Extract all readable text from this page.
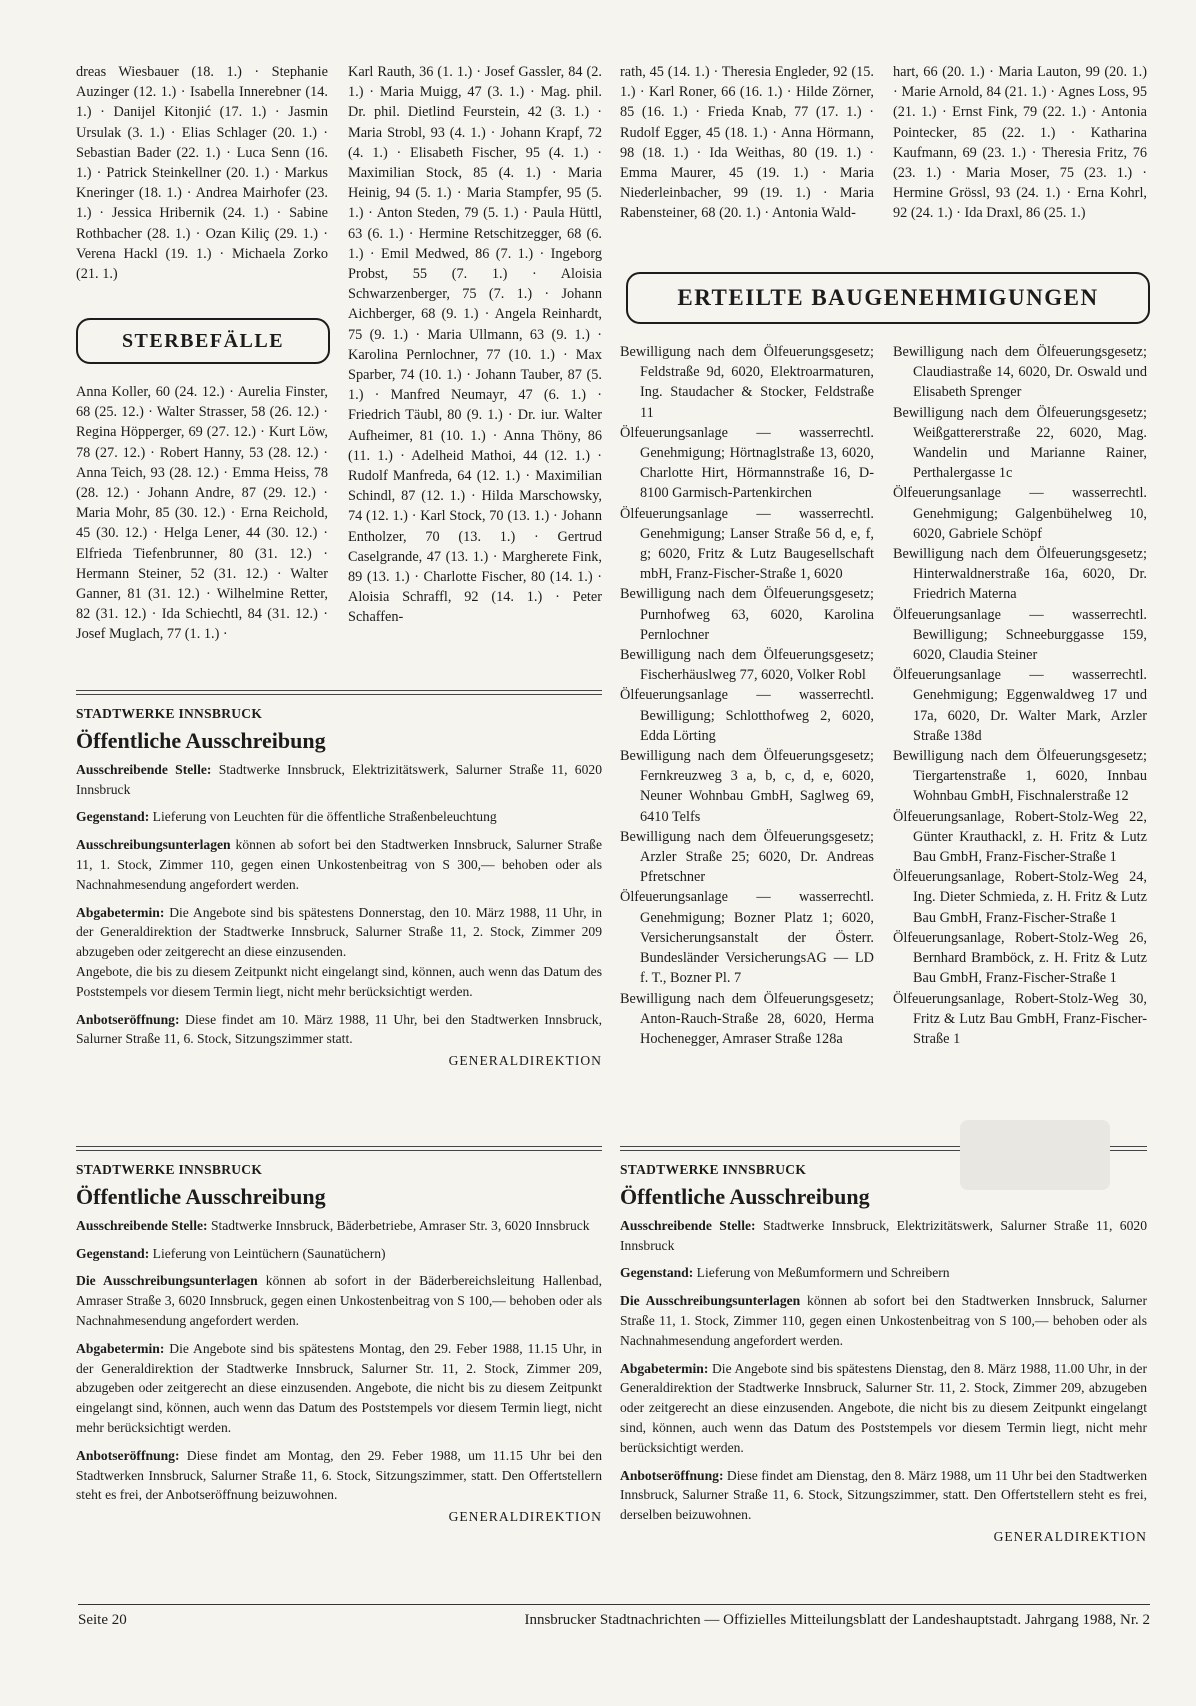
dreas Wiesbauer (18. 1.) · Stephanie Auzinger (12. 1.) · Isabella Innerebner (14. 1.) · Danijel Kitonjić (17. 1.) · Jasmin Ursulak (3. 1.) · Elias Schlager (20. 1.) · Sebastian Bader (22. 1.) · Luca Senn (16. 1.) · Patrick Steinkellner (20. 1.) · Markus Kneringer (18. 1.) · Andrea Mairhofer (23. 1.) · Jessica Hribernik (24. 1.) · Sabine Rothbacher (28. 1.) · Ozan Kiliç (29. 1.) · Verena Hackl (19. 1.) · Michaela Zorko (21. 1.)

STERBEFÄLLE

Anna Koller, 60 (24. 12.) · Aurelia Finster, 68 (25. 12.) · Walter Strasser, 58 (26. 12.) · Regina Höpperger, 69 (27. 12.) · Kurt Löw, 78 (27. 12.) · Robert Hanny, 53 (28. 12.) · Anna Teich, 93 (28. 12.) · Emma Heiss, 78 (28. 12.) · Johann Andre, 87 (29. 12.) · Maria Mohr, 85 (30. 12.) · Erna Reichold, 45 (30. 12.) · Helga Lener, 44 (30. 12.) · Elfrieda Tiefenbrunner, 80 (31. 12.) · Hermann Steiner, 52 (31. 12.) · Walter Ganner, 81 (31. 12.) · Wilhelmine Retter, 82 (31. 12.) · Ida Schiechtl, 84 (31. 12.) · Josef Muglach, 77 (1. 1.) ·

Karl Rauth, 36 (1. 1.) · Josef Gassler, 84 (2. 1.) · Maria Muigg, 47 (3. 1.) · Mag. phil. Dr. phil. Dietlind Feurstein, 42 (3. 1.) · Maria Strobl, 93 (4. 1.) · Johann Krapf, 72 (4. 1.) · Elisabeth Fischer, 95 (4. 1.) · Maximilian Stock, 85 (4. 1.) · Maria Heinig, 94 (5. 1.) · Maria Stampfer, 95 (5. 1.) · Anton Steden, 79 (5. 1.) · Paula Hüttl, 63 (6. 1.) · Hermine Retschitzegger, 68 (6. 1.) · Emil Medwed, 86 (7. 1.) · Ingeborg Probst, 55 (7. 1.) · Aloisia Schwarzenberger, 75 (7. 1.) · Johann Aichberger, 68 (9. 1.) · Angela Reinhardt, 75 (9. 1.) · Maria Ullmann, 63 (9. 1.) · Karolina Pernlochner, 77 (10. 1.) · Max Sparber, 74 (10. 1.) · Johann Tauber, 87 (5. 1.) · Manfred Neumayr, 47 (6. 1.) · Friedrich Täubl, 80 (9. 1.) · Dr. iur. Walter Aufheimer, 81 (10. 1.) · Anna Thöny, 86 (11. 1.) · Adelheid Mathoi, 44 (12. 1.) · Rudolf Manfreda, 64 (12. 1.) · Maximilian Schindl, 87 (12. 1.) · Hilda Marschowsky, 74 (12. 1.) · Karl Stock, 70 (13. 1.) · Johann Entholzer, 70 (13. 1.) · Gertrud Caselgrande, 47 (13. 1.) · Margherete Fink, 89 (13. 1.) · Charlotte Fischer, 80 (14. 1.) · Aloisia Schraffl, 92 (14. 1.) · Peter Schaffen-

rath, 45 (14. 1.) · Theresia Engleder, 92 (15. 1.) · Karl Roner, 66 (16. 1.) · Hilde Zörner, 85 (16. 1.) · Frieda Knab, 77 (17. 1.) · Rudolf Egger, 45 (18. 1.) · Anna Hörmann, 98 (18. 1.) · Ida Weithas, 80 (19. 1.) · Emma Maurer, 45 (19. 1.) · Maria Niederleinbacher, 99 (19. 1.) · Maria Rabensteiner, 68 (20. 1.) · Antonia Wald-

hart, 66 (20. 1.) · Maria Lauton, 99 (20. 1.) · Marie Arnold, 84 (21. 1.) · Agnes Loss, 95 (21. 1.) · Ernst Fink, 79 (22. 1.) · Antonia Pointecker, 85 (22. 1.) · Katharina Kaufmann, 69 (23. 1.) · Theresia Fritz, 76 (23. 1.) · Maria Moser, 75 (23. 1.) · Hermine Grössl, 93 (24. 1.) · Erna Kohrl, 92 (24. 1.) · Ida Draxl, 86 (25. 1.)

ERTEILTE BAUGENEHMIGUNGEN

Bewilligung nach dem Ölfeuerungsgesetz; Feldstraße 9d, 6020, Elektroarmaturen, Ing. Staudacher & Stocker, Feldstraße 11

Ölfeuerungsanlage — wasserrechtl. Genehmigung; Hörtnaglstraße 13, 6020, Charlotte Hirt, Hörmannstraße 16, D-8100 Garmisch-Partenkirchen

Ölfeuerungsanlage — wasserrechtl. Genehmigung; Lanser Straße 56 d, e, f, g; 6020, Fritz & Lutz Baugesellschaft mbH, Franz-Fischer-Straße 1, 6020

Bewilligung nach dem Ölfeuerungsgesetz; Purnhofweg 63, 6020, Karolina Pernlochner

Bewilligung nach dem Ölfeuerungsgesetz; Fischerhäuslweg 77, 6020, Volker Robl

Ölfeuerungsanlage — wasserrechtl. Bewilligung; Schlotthofweg 2, 6020, Edda Lörting

Bewilligung nach dem Ölfeuerungsgesetz; Fernkreuzweg 3 a, b, c, d, e, 6020, Neuner Wohnbau GmbH, Saglweg 69, 6410 Telfs

Bewilligung nach dem Ölfeuerungsgesetz; Arzler Straße 25; 6020, Dr. Andreas Pfretschner

Ölfeuerungsanlage — wasserrechtl. Genehmigung; Bozner Platz 1; 6020, Versicherungsanstalt der Österr. Bundesländer VersicherungsAG — LD f. T., Bozner Pl. 7

Bewilligung nach dem Ölfeuerungsgesetz; Anton-Rauch-Straße 28, 6020, Herma Hochenegger, Amraser Straße 128a

Bewilligung nach dem Ölfeuerungsgesetz; Claudiastraße 14, 6020, Dr. Oswald und Elisabeth Sprenger

Bewilligung nach dem Ölfeuerungsgesetz; Weißgattererstraße 22, 6020, Mag. Wandelin und Marianne Rainer, Perthalergasse 1c

Ölfeuerungsanlage — wasserrechtl. Genehmigung; Galgenbühelweg 10, 6020, Gabriele Schöpf

Bewilligung nach dem Ölfeuerungsgesetz; Hinterwaldnerstraße 16a, 6020, Dr. Friedrich Materna

Ölfeuerungsanlage — wasserrechtl. Bewilligung; Schneeburggasse 159, 6020, Claudia Steiner

Ölfeuerungsanlage — wasserrechtl. Genehmigung; Eggenwaldweg 17 und 17a, 6020, Dr. Walter Mark, Arzler Straße 138d

Bewilligung nach dem Ölfeuerungsgesetz; Tiergartenstraße 1, 6020, Innbau Wohnbau GmbH, Fischnalerstraße 12

Ölfeuerungsanlage, Robert-Stolz-Weg 22, Günter Krauthackl, z. H. Fritz & Lutz Bau GmbH, Franz-Fischer-Straße 1

Ölfeuerungsanlage, Robert-Stolz-Weg 24, Ing. Dieter Schmieda, z. H. Fritz & Lutz Bau GmbH, Franz-Fischer-Straße 1

Ölfeuerungsanlage, Robert-Stolz-Weg 26, Bernhard Bramböck, z. H. Fritz & Lutz Bau GmbH, Franz-Fischer-Straße 1

Ölfeuerungsanlage, Robert-Stolz-Weg 30, Fritz & Lutz Bau GmbH, Franz-Fischer-Straße 1

STADTWERKE INNSBRUCK
Öffentliche Ausschreibung

Ausschreibende Stelle: Stadtwerke Innsbruck, Elektrizitätswerk, Salurner Straße 11, 6020 Innsbruck

Gegenstand: Lieferung von Leuchten für die öffentliche Straßenbeleuchtung

Ausschreibungsunterlagen können ab sofort bei den Stadtwerken Innsbruck, Salurner Straße 11, 1. Stock, Zimmer 110, gegen einen Unkostenbeitrag von S 300,— behoben oder als Nachnahmesendung angefordert werden.

Abgabetermin: Die Angebote sind bis spätestens Donnerstag, den 10. März 1988, 11 Uhr, in der Generaldirektion der Stadtwerke Innsbruck, Salurner Straße 11, 2. Stock, Zimmer 209 abzugeben oder zeitgerecht an diese einzusenden.

Angebote, die bis zu diesem Zeitpunkt nicht eingelangt sind, können, auch wenn das Datum des Poststempels vor diesem Termin liegt, nicht mehr berücksichtigt werden.

Anbotseröffnung: Diese findet am 10. März 1988, 11 Uhr, bei den Stadtwerken Innsbruck, Salurner Straße 11, 6. Stock, Sitzungszimmer statt.

GENERALDIREKTION
STADTWERKE INNSBRUCK
Öffentliche Ausschreibung

Ausschreibende Stelle: Stadtwerke Innsbruck, Bäderbetriebe, Amraser Str. 3, 6020 Innsbruck

Gegenstand: Lieferung von Leintüchern (Saunatüchern)

Die Ausschreibungsunterlagen können ab sofort in der Bäderbereichsleitung Hallenbad, Amraser Straße 3, 6020 Innsbruck, gegen einen Unkostenbeitrag von S 100,— behoben oder als Nachnahmesendung angefordert werden.

Abgabetermin: Die Angebote sind bis spätestens Montag, den 29. Feber 1988, 11.15 Uhr, in der Generaldirektion der Stadtwerke Innsbruck, Salurner Str. 11, 2. Stock, Zimmer 209, abzugeben oder zeitgerecht an diese einzusenden. Angebote, die nicht bis zu diesem Zeitpunkt eingelangt sind, können, auch wenn das Datum des Poststempels vor diesem Termin liegt, nicht mehr berücksichtigt werden.

Anbotseröffnung: Diese findet am Montag, den 29. Feber 1988, um 11.15 Uhr bei den Stadtwerken Innsbruck, Salurner Straße 11, 6. Stock, Sitzungszimmer, statt. Den Offertstellern steht es frei, der Anbotseröffnung beizuwohnen.

GENERALDIREKTION
STADTWERKE INNSBRUCK
Öffentliche Ausschreibung

Ausschreibende Stelle: Stadtwerke Innsbruck, Elektrizitätswerk, Salurner Straße 11, 6020 Innsbruck

Gegenstand: Lieferung von Meßumformern und Schreibern

Die Ausschreibungsunterlagen können ab sofort bei den Stadtwerken Innsbruck, Salurner Straße 11, 1. Stock, Zimmer 110, gegen einen Unkostenbeitrag von S 100,— behoben oder als Nachnahmesendung angefordert werden.

Abgabetermin: Die Angebote sind bis spätestens Dienstag, den 8. März 1988, 11.00 Uhr, in der Generaldirektion der Stadtwerke Innsbruck, Salurner Str. 11, 2. Stock, Zimmer 209, abzugeben oder zeitgerecht an diese einzusenden. Angebote, die nicht bis zu diesem Zeitpunkt eingelangt sind, können, auch wenn das Datum des Poststempels vor diesem Termin liegt, nicht mehr berücksichtigt werden.

Anbotseröffnung: Diese findet am Dienstag, den 8. März 1988, um 11 Uhr bei den Stadtwerken Innsbruck, Salurner Straße 11, 6. Stock, Sitzungszimmer, statt. Den Offertstellern steht es frei, derselben beizuwohnen.

GENERALDIREKTION
Seite 20	Innsbrucker Stadtnachrichten — Offizielles Mitteilungsblatt der Landeshauptstadt. Jahrgang 1988, Nr. 2
